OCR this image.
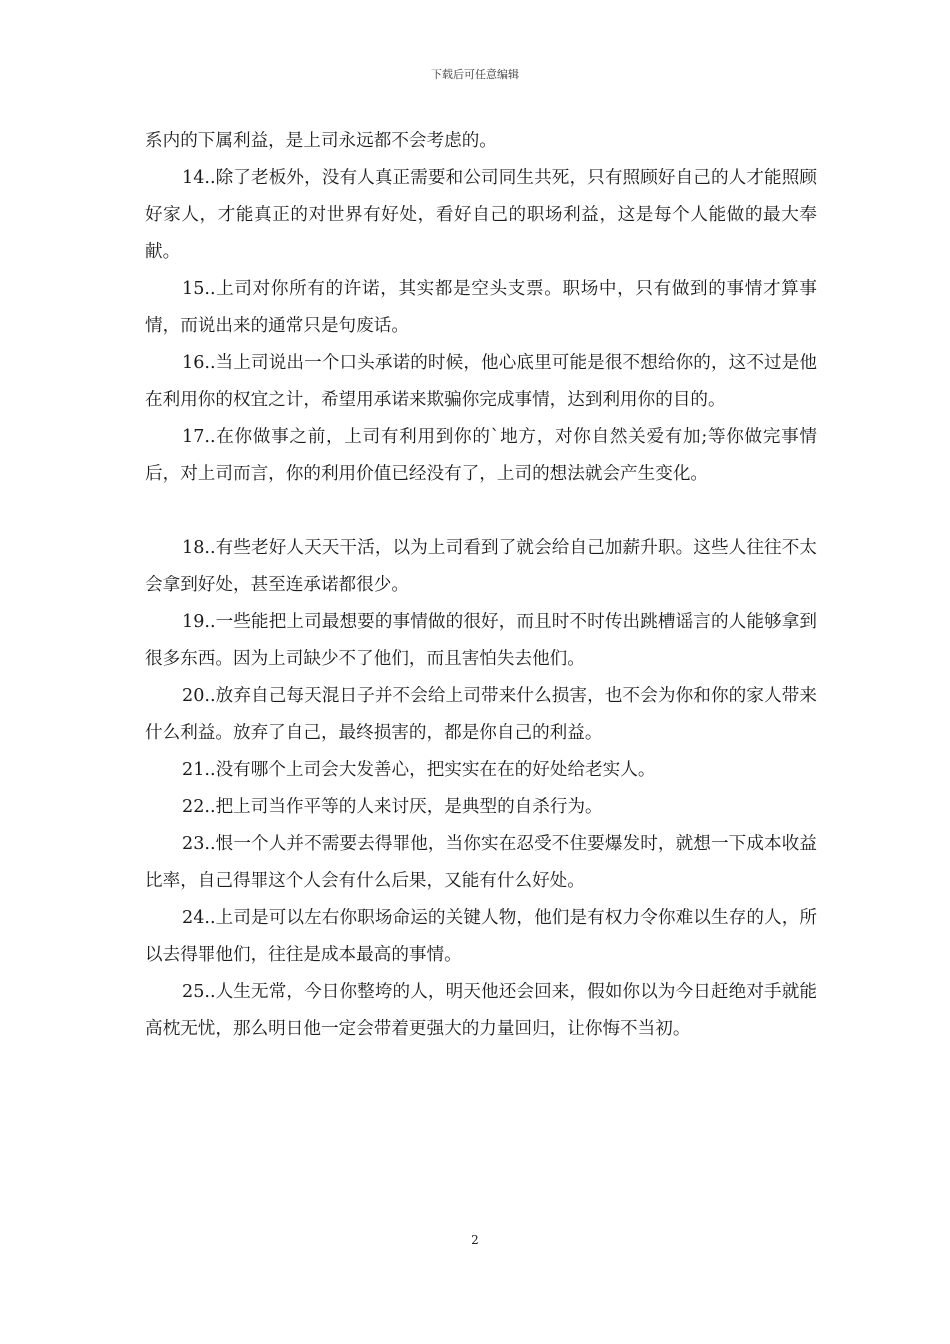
下载后可任意编辑

系内的下属利益，是上司永远都不会考虑的。

14..除了老板外，没有人真正需要和公司同生共死，只有照顾好自己的人才能照顾好家人，才能真正的对世界有好处，看好自己的职场利益，这是每个人能做的最大奉献。

15..上司对你所有的许诺，其实都是空头支票。职场中，只有做到的事情才算事情，而说出来的通常只是句废话。

16..当上司说出一个口头承诺的时候，他心底里可能是很不想给你的，这不过是他在利用你的权宜之计，希望用承诺来欺骗你完成事情，达到利用你的目的。

17..在你做事之前，上司有利用到你的`地方，对你自然关爱有加;等你做完事情后，对上司而言，你的利用价值已经没有了，上司的想法就会产生变化。

18..有些老好人天天干活，以为上司看到了就会给自己加薪升职。这些人往往不太会拿到好处，甚至连承诺都很少。

19..一些能把上司最想要的事情做的很好，而且时不时传出跳槽谣言的人能够拿到很多东西。因为上司缺少不了他们，而且害怕失去他们。

20..放弃自己每天混日子并不会给上司带来什么损害，也不会为你和你的家人带来什么利益。放弃了自己，最终损害的，都是你自己的利益。

21..没有哪个上司会大发善心，把实实在在的好处给老实人。

22..把上司当作平等的人来讨厌，是典型的自杀行为。

23..恨一个人并不需要去得罪他，当你实在忍受不住要爆发时，就想一下成本收益比率，自己得罪这个人会有什么后果，又能有什么好处。

24..上司是可以左右你职场命运的关键人物，他们是有权力令你难以生存的人，所以去得罪他们，往往是成本最高的事情。

25..人生无常，今日你整垮的人，明天他还会回来，假如你以为今日赶绝对手就能高枕无忧，那么明日他一定会带着更强大的力量回归，让你悔不当初。

2
